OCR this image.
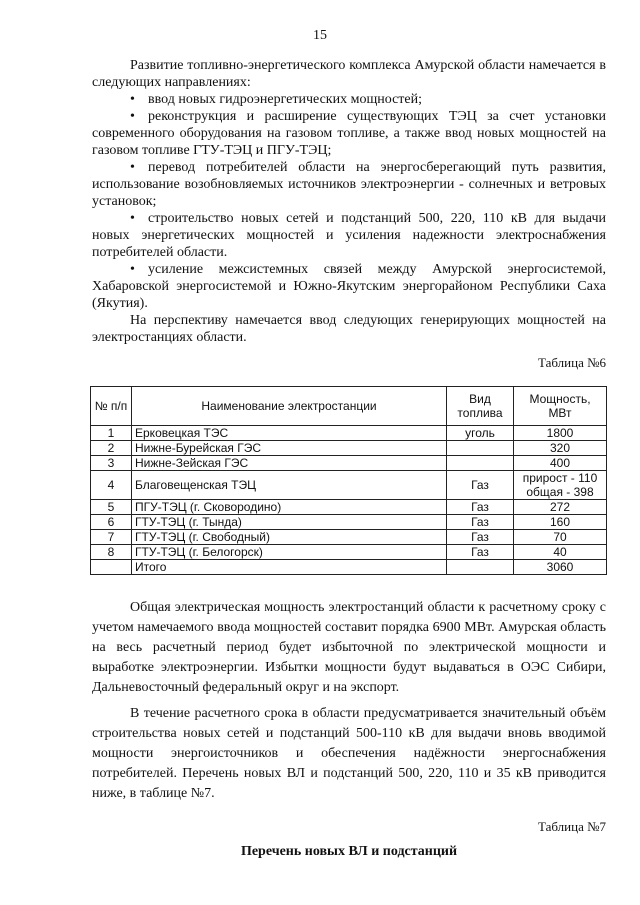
15

Развитие топливно-энергетического комплекса Амурской области намечается в следующих направлениях:

• ввод новых гидроэнергетических мощностей;

• реконструкция и расширение существующих ТЭЦ за счет установки современного оборудования на газовом топливе, а также ввод новых мощностей на газовом топливе ГТУ-ТЭЦ и ПГУ-ТЭЦ;

• перевод потребителей области на энергосберегающий путь развития, использование возобновляемых источников электроэнергии - солнечных и ветровых установок;

• строительство новых сетей и подстанций 500, 220, 110 кВ для выдачи новых энергетических мощностей и усиления надежности электроснабжения потребителей области.

• усиление межсистемных связей между Амурской энергосистемой, Хабаровской энергосистемой и Южно-Якутским энергорайоном Республики Саха (Якутия).

На перспективу намечается ввод следующих генерирующих мощностей на электростанциях области.

Таблица №6
№ п/п	Наименование электростанции	Вид топлива	Мощность, МВт
1	Ерковецкая ТЭС	уголь	1800
2	Нижне-Бурейская ГЭС		320
3	Нижне-Зейская ГЭС		400
4	Благовещенская ТЭЦ	Газ	прирост - 110
общая - 398

5	ПГУ-ТЭЦ (г. Сковородино)	Газ	272
6	ГТУ-ТЭЦ (г. Тында)	Газ	160
7	ГТУ-ТЭЦ (г. Свободный)	Газ	70
8	ГТУ-ТЭЦ (г. Белогорск)	Газ	40
	Итого		3060

Общая электрическая мощность электростанций области к расчетному сроку с учетом намечаемого ввода мощностей составит порядка 6900 МВт. Амурская область на весь расчетный период будет избыточной по электрической мощности и выработке электроэнергии. Избытки мощности будут выдаваться в ОЭС Сибири, Дальневосточный федеральный округ и на экспорт.

В течение расчетного срока в области предусматривается значительный объём строительства новых сетей и подстанций 500-110 кВ для выдачи вновь вводимой мощности энергоисточников и обеспечения надёжности энергоснабжения потребителей. Перечень новых ВЛ и подстанций 500, 220, 110 и 35 кВ приводится ниже, в таблице №7.

Таблица №7
Перечень новых ВЛ и подстанций
